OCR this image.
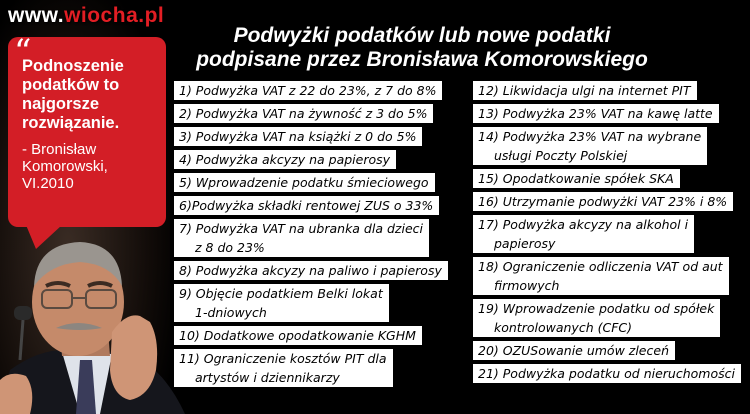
www.wiocha.pl
“
Podnoszenie podatków to najgorsze rozwiązanie.
- Bronisław
Komorowski,
VI.2010
Podwyżki podatków lub nowe podatki
podpisane przez Bronisława Komorowskiego
1) Podwyżka VAT z 22 do 23%, z 7 do 8%
2) Podwyżka VAT na żywność z 3 do 5%
3) Podwyżka VAT na książki z 0 do 5%
4) Podwyżka akcyzy na papierosy
5) Wprowadzenie podatku śmieciowego
6)Podwyżka składki rentowej ZUS o 33%
7) Podwyżka VAT na ubranka dla dzieci
z 8 do 23%
8) Podwyżka akcyzy na paliwo i papierosy
9) Objęcie podatkiem Belki lokat
1-dniowych
10) Dodatkowe opodatkowanie KGHM
11) Ograniczenie kosztów PIT dla
artystów i dziennikarzy
12) Likwidacja ulgi na internet PIT
13) Podwyżka 23% VAT na kawę latte
14) Podwyżka 23% VAT na wybrane
usługi Poczty Polskiej
15) Opodatkowanie spółek SKA
16) Utrzymanie podwyżki VAT 23% i 8%
17) Podwyżka akcyzy na alkohol i
papierosy
18) Ograniczenie odliczenia VAT od aut
firmowych
19) Wprowadzenie podatku od spółek
kontrolowanych (CFC)
20) OZUSowanie umów zleceń
21) Podwyżka podatku od nieruchomości
